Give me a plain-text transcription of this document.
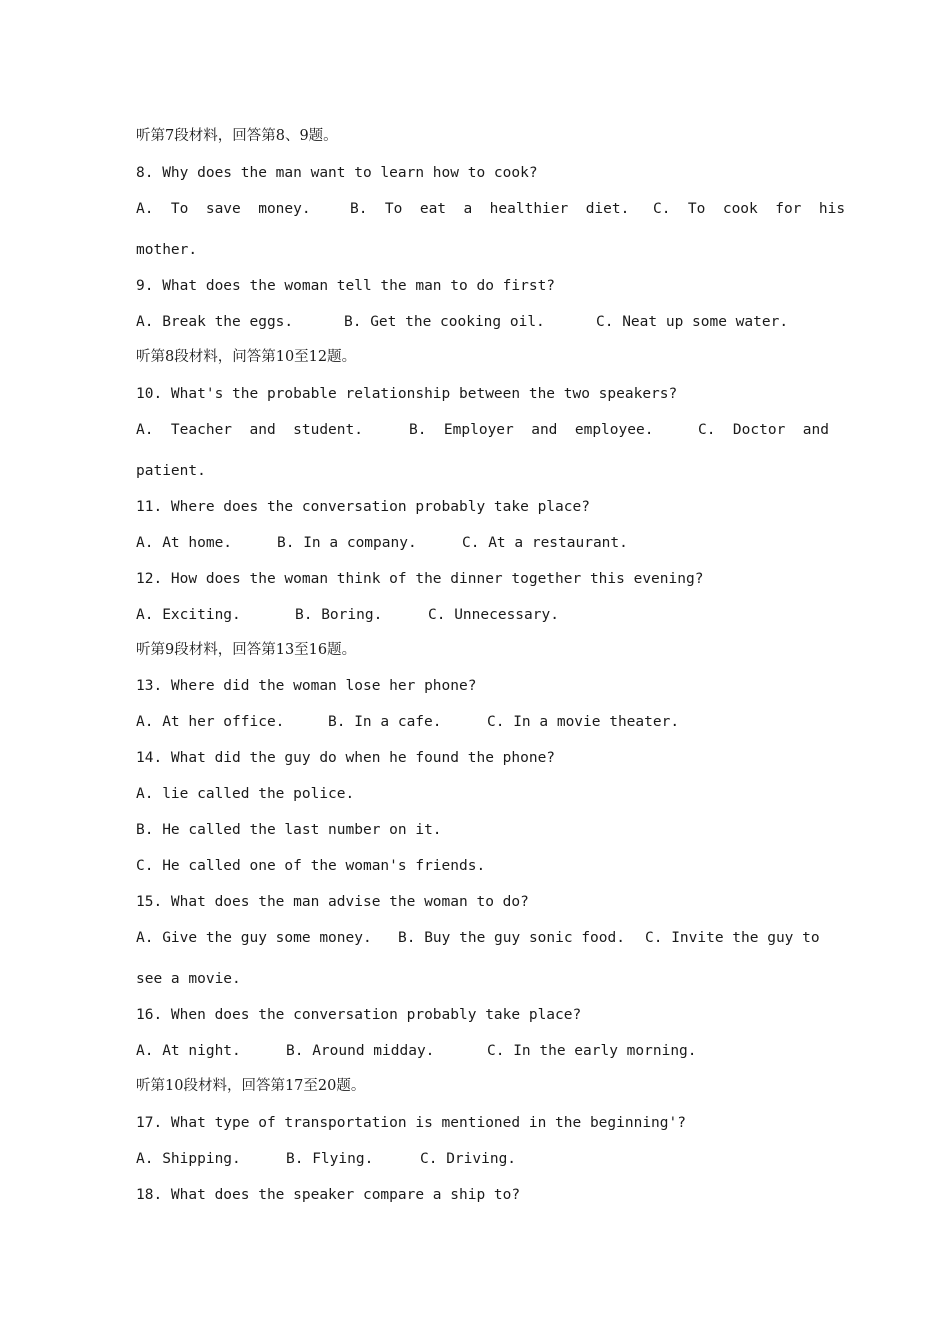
听第7段材料，回答第8、9题。
8. Why does the man want to learn how to cook?
A.  To  save  money.	B.  To  eat  a  healthier  diet. C.  To  cook  for  his
mother.
9. What does the woman tell the man to do first?
A. Break the eggs.	B. Get the cooking oil.	C. Neat up some water.
听第8段材料，问答第10至12题。
10. What's the probable relationship between the two speakers?
A.  Teacher  and  student.	B.  Employer  and  employee.	C.  Doctor  and
patient.
11. Where does the conversation probably take place?
A. At home.	B. In a company.	C. At a restaurant.
12. How does the woman think of the dinner together this evening?
A. Exciting.	B. Boring.	C. Unnecessary.
听第9段材料，回答第13至16题。
13. Where did the woman lose her phone?
A. At her office.	B. In a cafe.	C. In a movie theater.
14. What did the guy do when he found the phone?
A. lie called the police.
B. He called the last number on it.
C. He called one of the woman's friends.
15. What does the man advise the woman to do?
A. Give the guy some money. B. Buy the guy sonic food. C. Invite the guy to
see a movie.
16. When does the conversation probably take place?
A. At night.	B. Around midday.	C. In the early morning.
听第10段材料，回答第17至20题。
17. What type of transportation is mentioned in the beginning'?
A. Shipping.	B. Flying.	C. Driving.
18. What does the speaker compare a ship to?
